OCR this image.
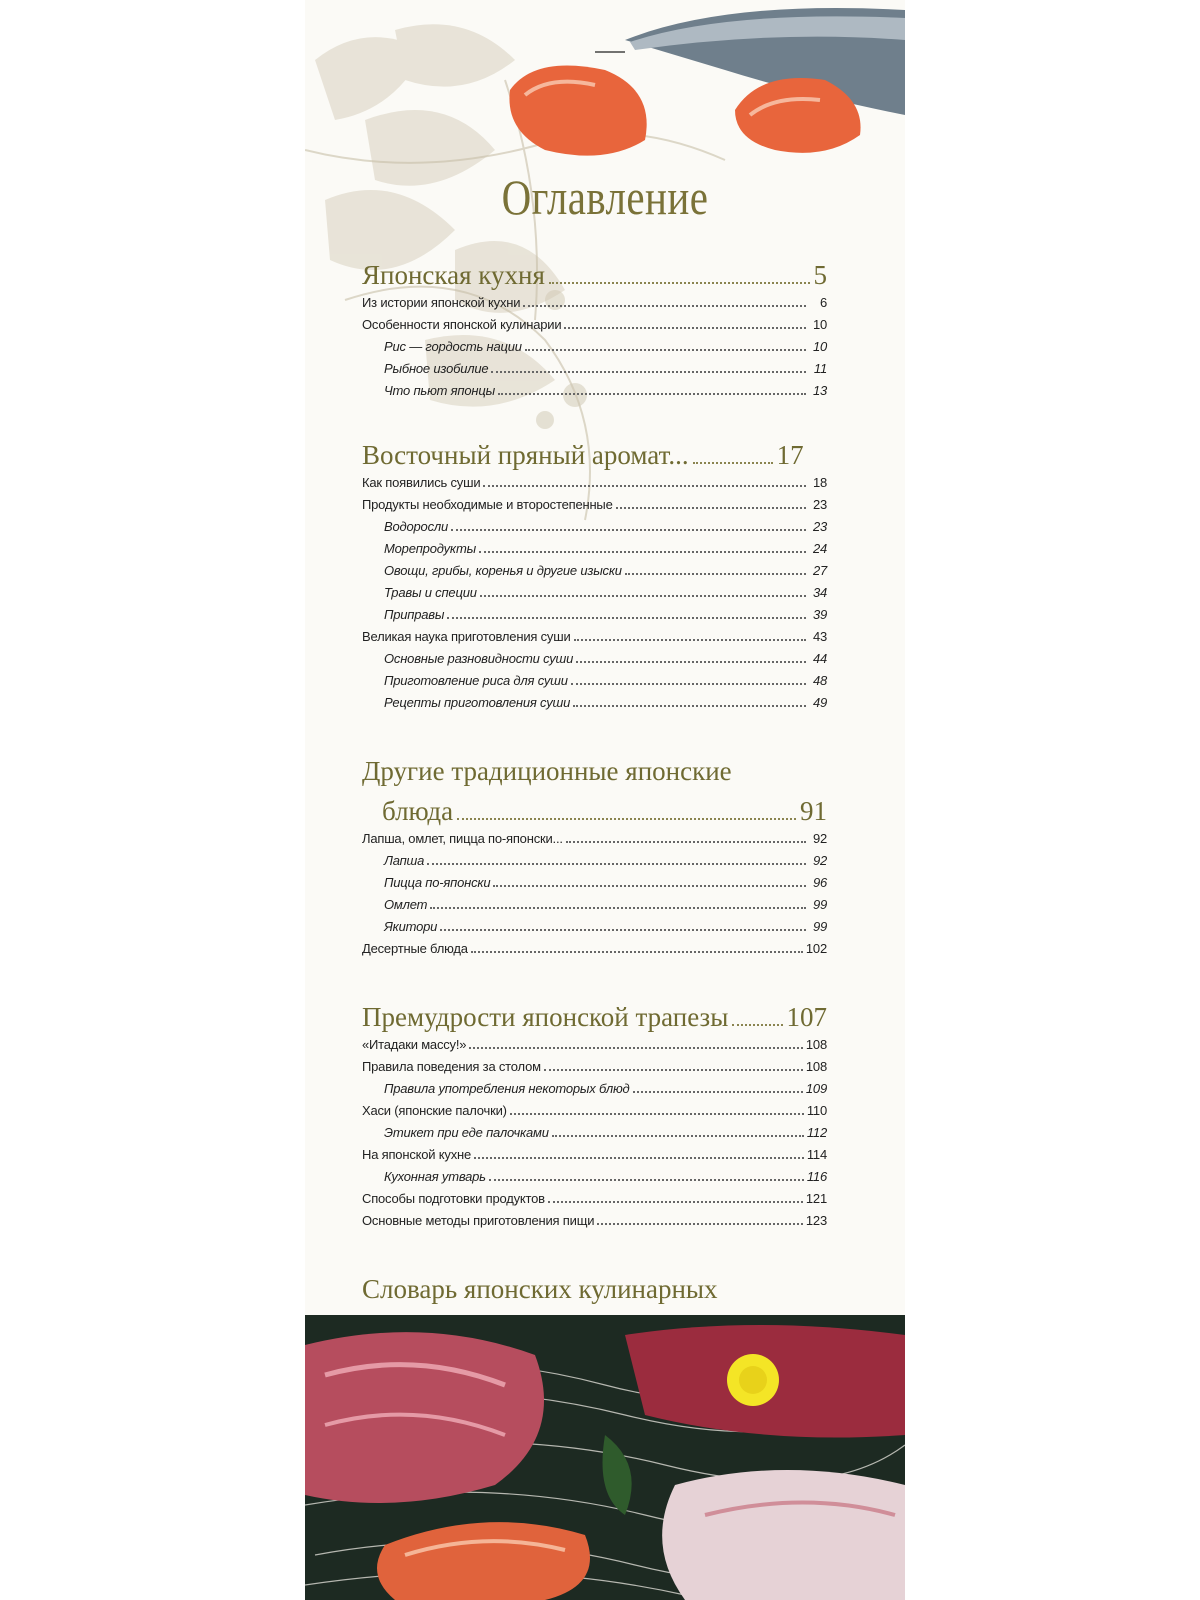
Оглавление
Японская кухня	5
Из истории японской кухни	6
Особенности японской кулинарии	10
Рис — гордость нации	10
Рыбное изобилие	11
Что пьют японцы	13
Восточный пряный аромат...	17
Как появились суши	18
Продукты необходимые и второстепенные	23
Водоросли	23
Морепродукты	24
Овощи, грибы, коренья и другие изыски	27
Травы и специи	34
Приправы	39
Великая наука приготовления суши	43
Основные разновидности суши	44
Приготовление риса для суши	48
Рецепты приготовления суши	49
Другие традиционные японские
блюда	91
Лапша, омлет, пицца по-японски...	92
Лапша	92
Пицца по-японски	96
Омлет	99
Якитори	99
Десертные блюда	102
Премудрости японской трапезы 107
«Итадаки массу!»	108
Правила поведения за столом	108
Правила употребления некоторых блюд	109
Хаси (японские палочки)	110
Этикет при еде палочками	112
На японской кухне	114
Кухонная утварь	116
Способы подготовки продуктов	121
Основные методы приготовления пищи	123
Словарь японских кулинарных
